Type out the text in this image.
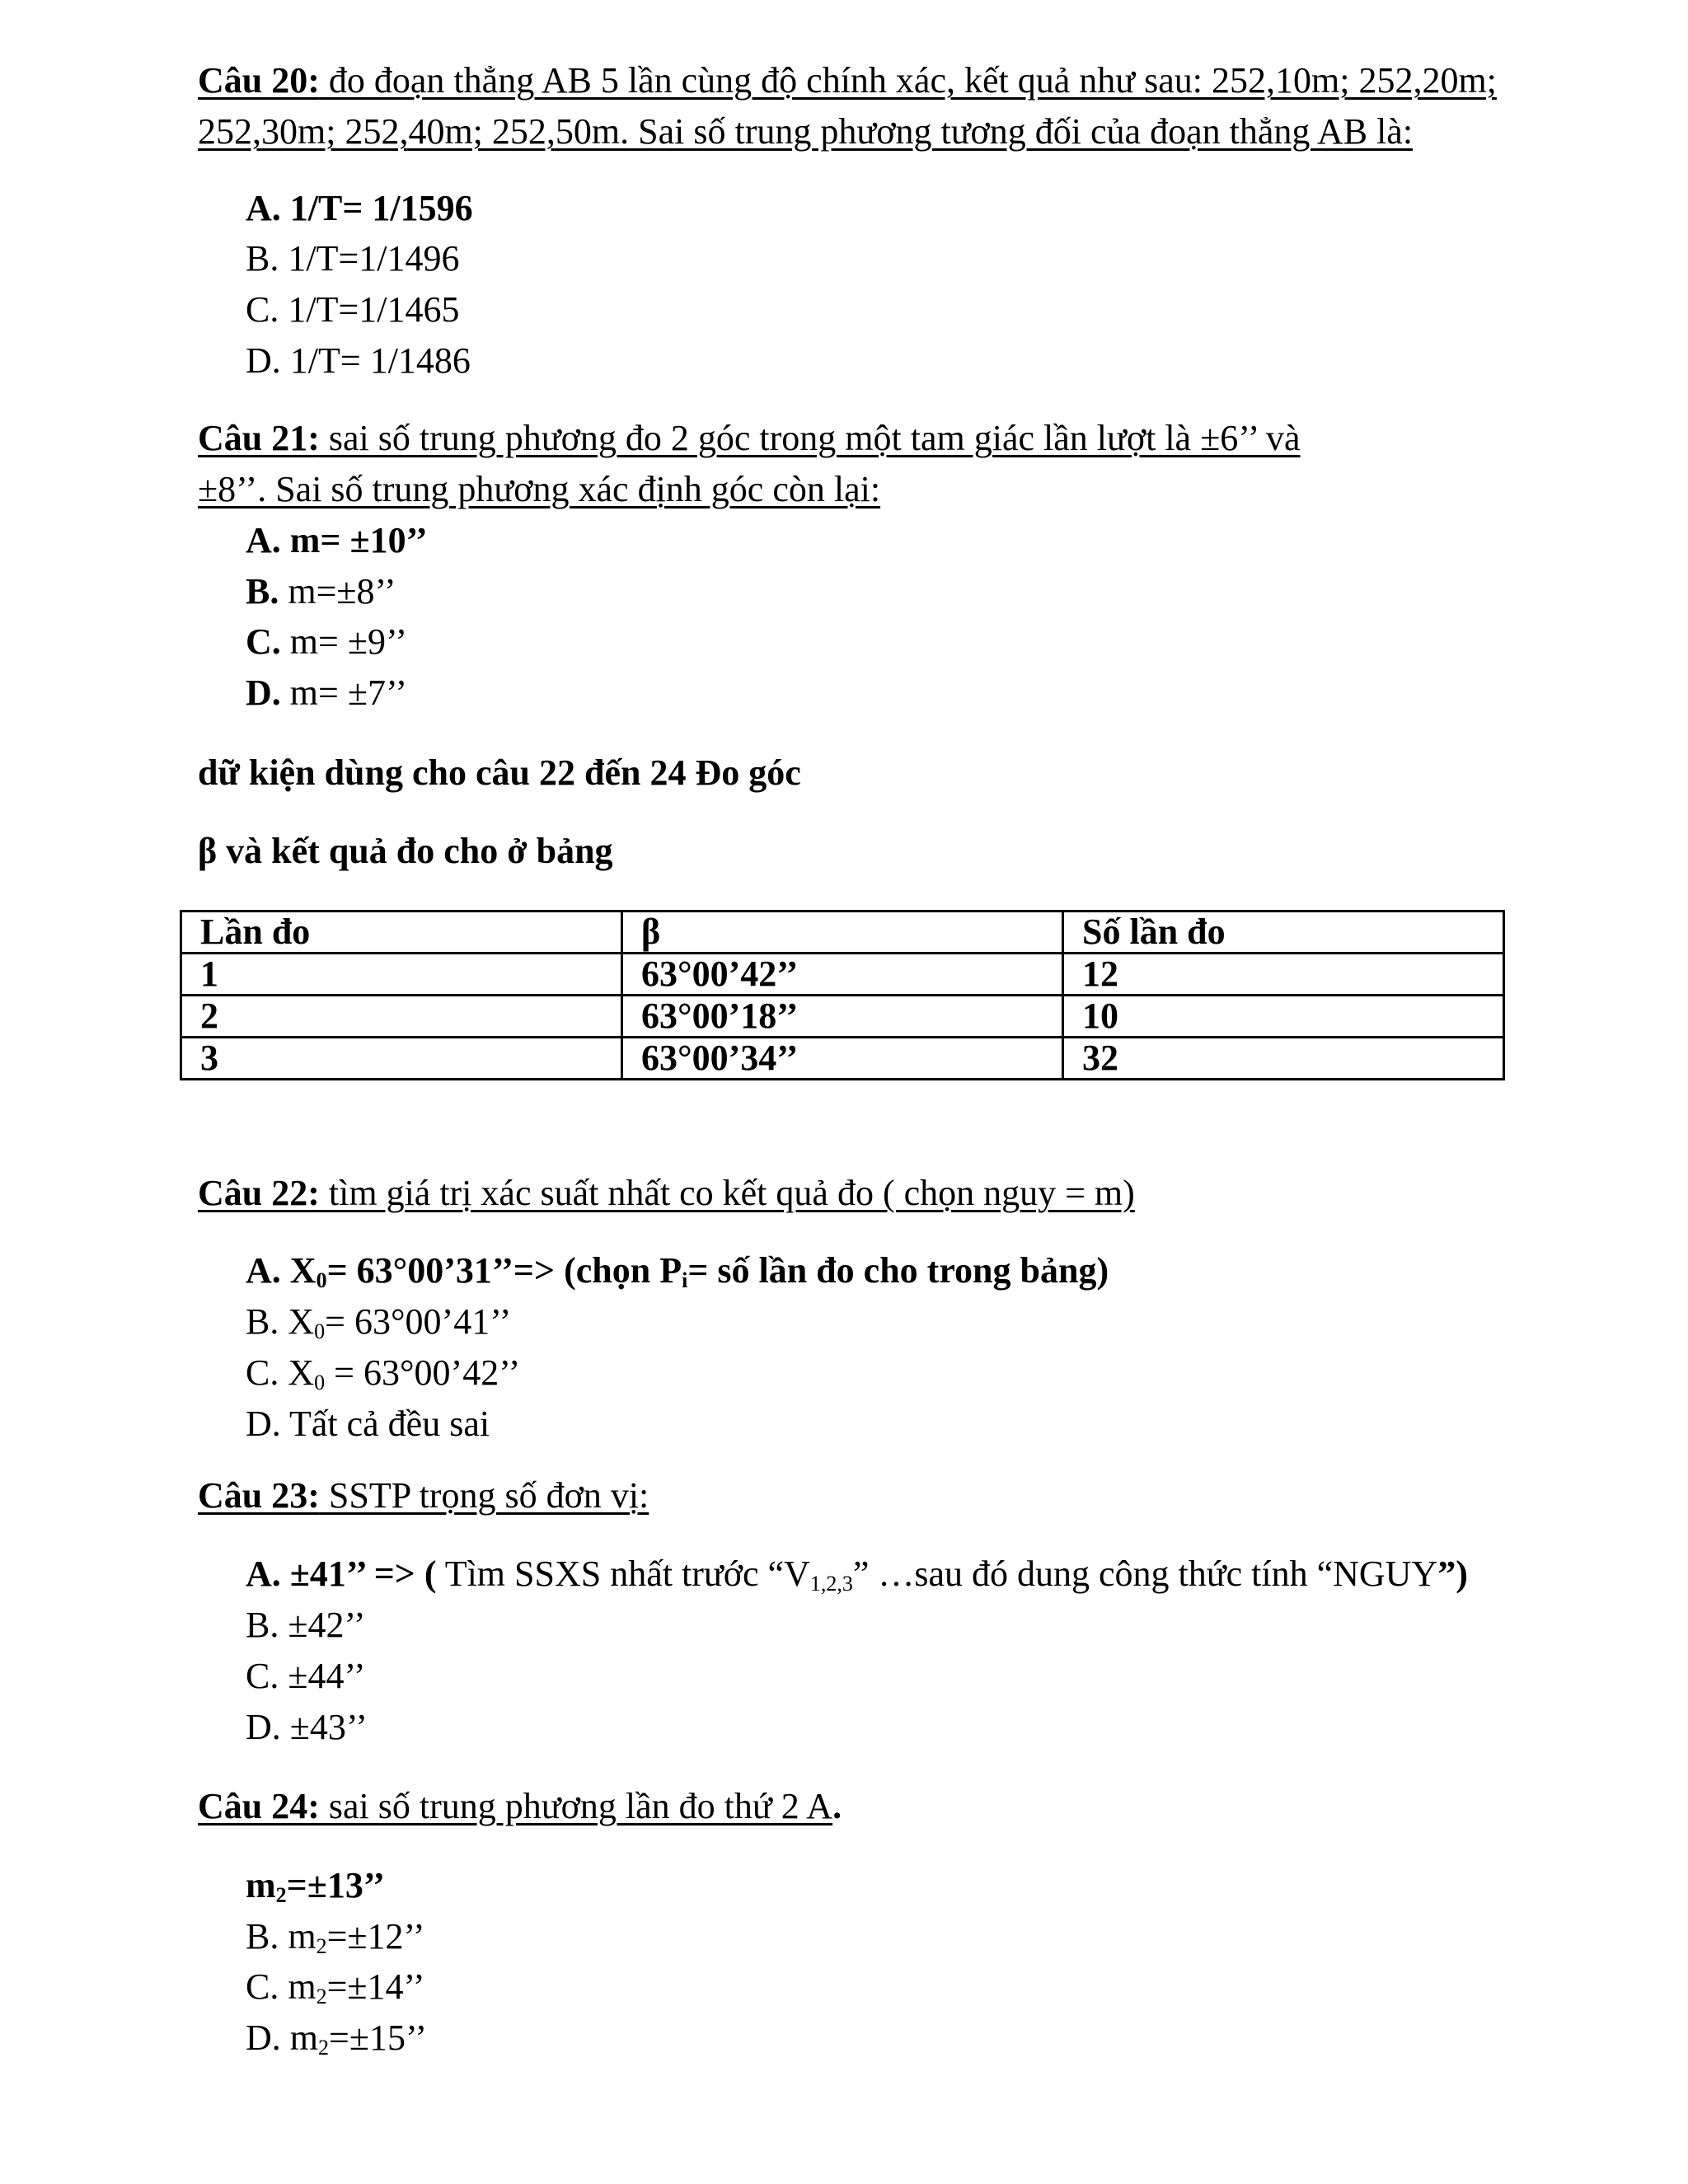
Câu 20: đo đoạn thẳng AB 5 lần cùng độ chính xác, kết quả như sau: 252,10m; 252,20m;
252,30m; 252,40m; 252,50m. Sai số trung phương tương đối của đoạn thẳng AB là:
A. 1/T= 1/1596
B. 1/T=1/1496
C. 1/T=1/1465
D. 1/T= 1/1486
Câu 21: sai số trung phương đo 2 góc trong một tam giác lần lượt là ±6’’ và
±8’’. Sai số trung phương xác định góc còn lại:
A. m= ±10’’
B. m=±8’’
C. m= ±9’’
D. m= ±7’’
dữ kiện dùng cho câu 22 đến 24 Đo góc
β và kết quả đo cho ở bảng
Lần đo	β	Số lần đo
1	63°00’42’’	12
2	63°00’18’’	10
3	63°00’34’’	32
Câu 22: tìm giá trị xác suất nhất co kết quả đo ( chọn nguy = m)
A. $X_0=$ 63°00’31’’=> (chọn $P_i=$ số lần đo cho trong bảng)
B. $X_0=$ 63°00’41’’
C. $X_0$ = 63°00’42’’
D. Tất cả đều sai
Câu 23: SSTP trọng số đơn vị:
A. ±41’’ => ( Tìm SSXS nhất trước “$V_{1,2,3}$” …sau đó dung công thức tính “NGUY”)
B. ±42’’
C. ±44’’
D. ±43’’
Câu 24: sai số trung phương lần đo thứ 2 A.
$m_2=\pm 13$’’
B. $m_2=\pm 12$’’
C. $m_2=\pm 14$’’
D. $m_2=\pm 15$’’
